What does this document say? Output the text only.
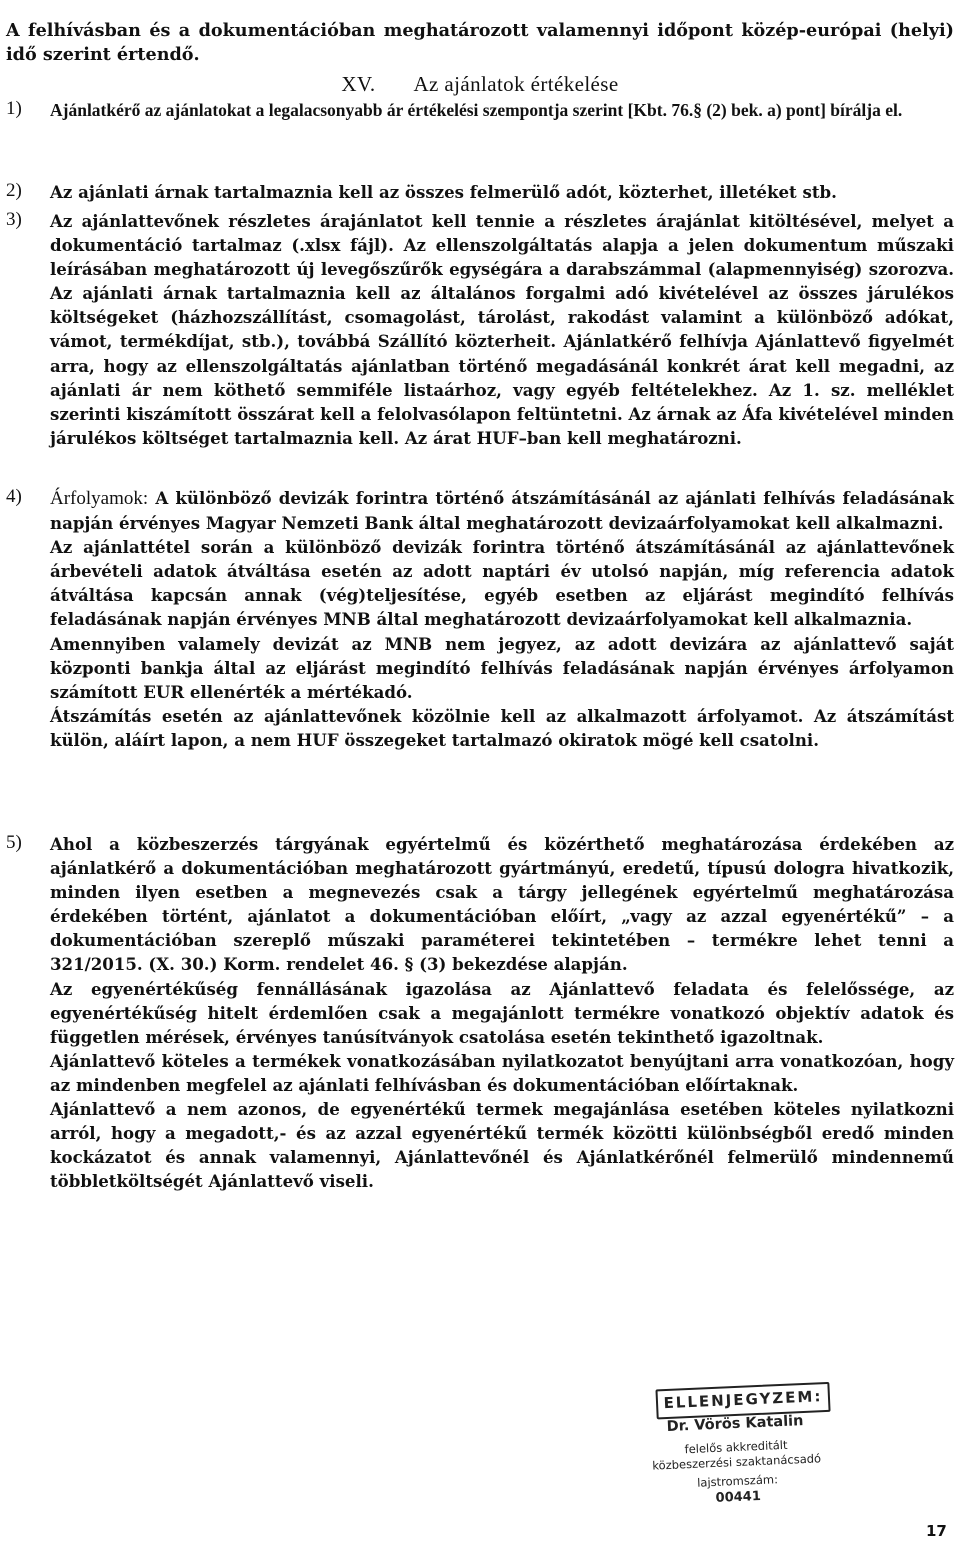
A felhívásban és a dokumentációban meghatározott valamennyi időpont közép-európai (helyi) idő szerint értendő.

XV. Az ajánlatok értékelése
1)	Ajánlatkérő az ajánlatokat a legalacsonyabb ár értékelési szempontja szerint [Kbt. 76.§ (2) bek. a) pont] bírálja el.

2)	Az ajánlati árnak tartalmaznia kell az összes felmerülő adót, közterhet, illetéket stb.

3)	Az ajánlattevőnek részletes árajánlatot kell tennie a részletes árajánlat kitöltésével, melyet a dokumentáció tartalmaz (.xlsx fájl). Az ellenszolgáltatás alapja a jelen dokumentum műszaki leírásában meghatározott új levegőszűrők egységára a darabszámmal (alapmennyiség) szorozva. Az ajánlati árnak tartalmaznia kell az általános forgalmi adó kivételével az összes járulékos költségeket (házhozszállítást, csomagolást, tárolást, rakodást valamint a különböző adókat, vámot, termékdíjat, stb.), továbbá Szállító közterheit. Ajánlatkérő felhívja Ajánlattevő figyelmét arra, hogy az ellenszolgáltatás ajánlatban történő megadásánál konkrét árat kell megadni, az ajánlati ár nem köthető semmiféle listaárhoz, vagy egyéb feltételekhez. Az 1. sz. melléklet szerinti kiszámított összárat kell a felolvasólapon feltüntetni. Az árnak az Áfa kivételével minden járulékos költséget tartalmaznia kell. Az árat HUF–ban kell meghatározni.

4)	Árfolyamok: A különböző devizák forintra történő átszámításánál az ajánlati felhívás feladásának napján érvényes Magyar Nemzeti Bank által meghatározott devizaárfolyamokat kell alkalmazni.

Az ajánlattétel során a különböző devizák forintra történő átszámításánál az ajánlattevőnek árbevételi adatok átváltása esetén az adott naptári év utolsó napján, míg referencia adatok átváltása kapcsán annak (vég)teljesítése, egyéb esetben az eljárást megindító felhívás feladásának napján érvényes MNB által meghatározott devizaárfolyamokat kell alkalmaznia.

Amennyiben valamely devizát az MNB nem jegyez, az adott devizára az ajánlattevő saját központi bankja által az eljárást megindító felhívás feladásának napján érvényes árfolyamon számított EUR ellenérték a mértékadó.

Átszámítás esetén az ajánlattevőnek közölnie kell az alkalmazott árfolyamot. Az átszámítást külön, aláírt lapon, a nem HUF összegeket tartalmazó okiratok mögé kell csatolni.

5)	Ahol a közbeszerzés tárgyának egyértelmű és közérthető meghatározása érdekében az ajánlatkérő a dokumentációban meghatározott gyártmányú, eredetű, típusú dologra hivatkozik, minden ilyen esetben a megnevezés csak a tárgy jellegének egyértelmű meghatározása érdekében történt, ajánlatot a dokumentációban előírt, „vagy az azzal egyenértékű” – a dokumentációban szereplő műszaki paraméterei tekintetében – termékre lehet tenni a 321/2015. (X. 30.) Korm. rendelet 46. § (3) bekezdése alapján.

Az egyenértékűség fennállásának igazolása az Ajánlattevő feladata és felelőssége, az egyenértékűség hitelt érdemlően csak a megajánlott termékre vonatkozó objektív adatok és független mérések, érvényes tanúsítványok csatolása esetén tekinthető igazoltnak.

Ajánlattevő köteles a termékek vonatkozásában nyilatkozatot benyújtani arra vonatkozóan, hogy az mindenben megfelel az ajánlati felhívásban és dokumentációban előírtaknak.

Ajánlattevő a nem azonos, de egyenértékű termek megajánlása esetében köteles nyilatkozni arról, hogy a megadott,- és az azzal egyenértékű termék közötti különbségből eredő minden kockázatot és annak valamennyi, Ajánlattevőnél és Ajánlatkérőnél felmerülő mindennemű többletköltségét Ajánlattevő viseli.

ELLENJEGYZEM:
Dr. Vörös Katalin
felelős akkreditált
közbeszerzési szaktanácsadó
lajstromszám:
00441
17
